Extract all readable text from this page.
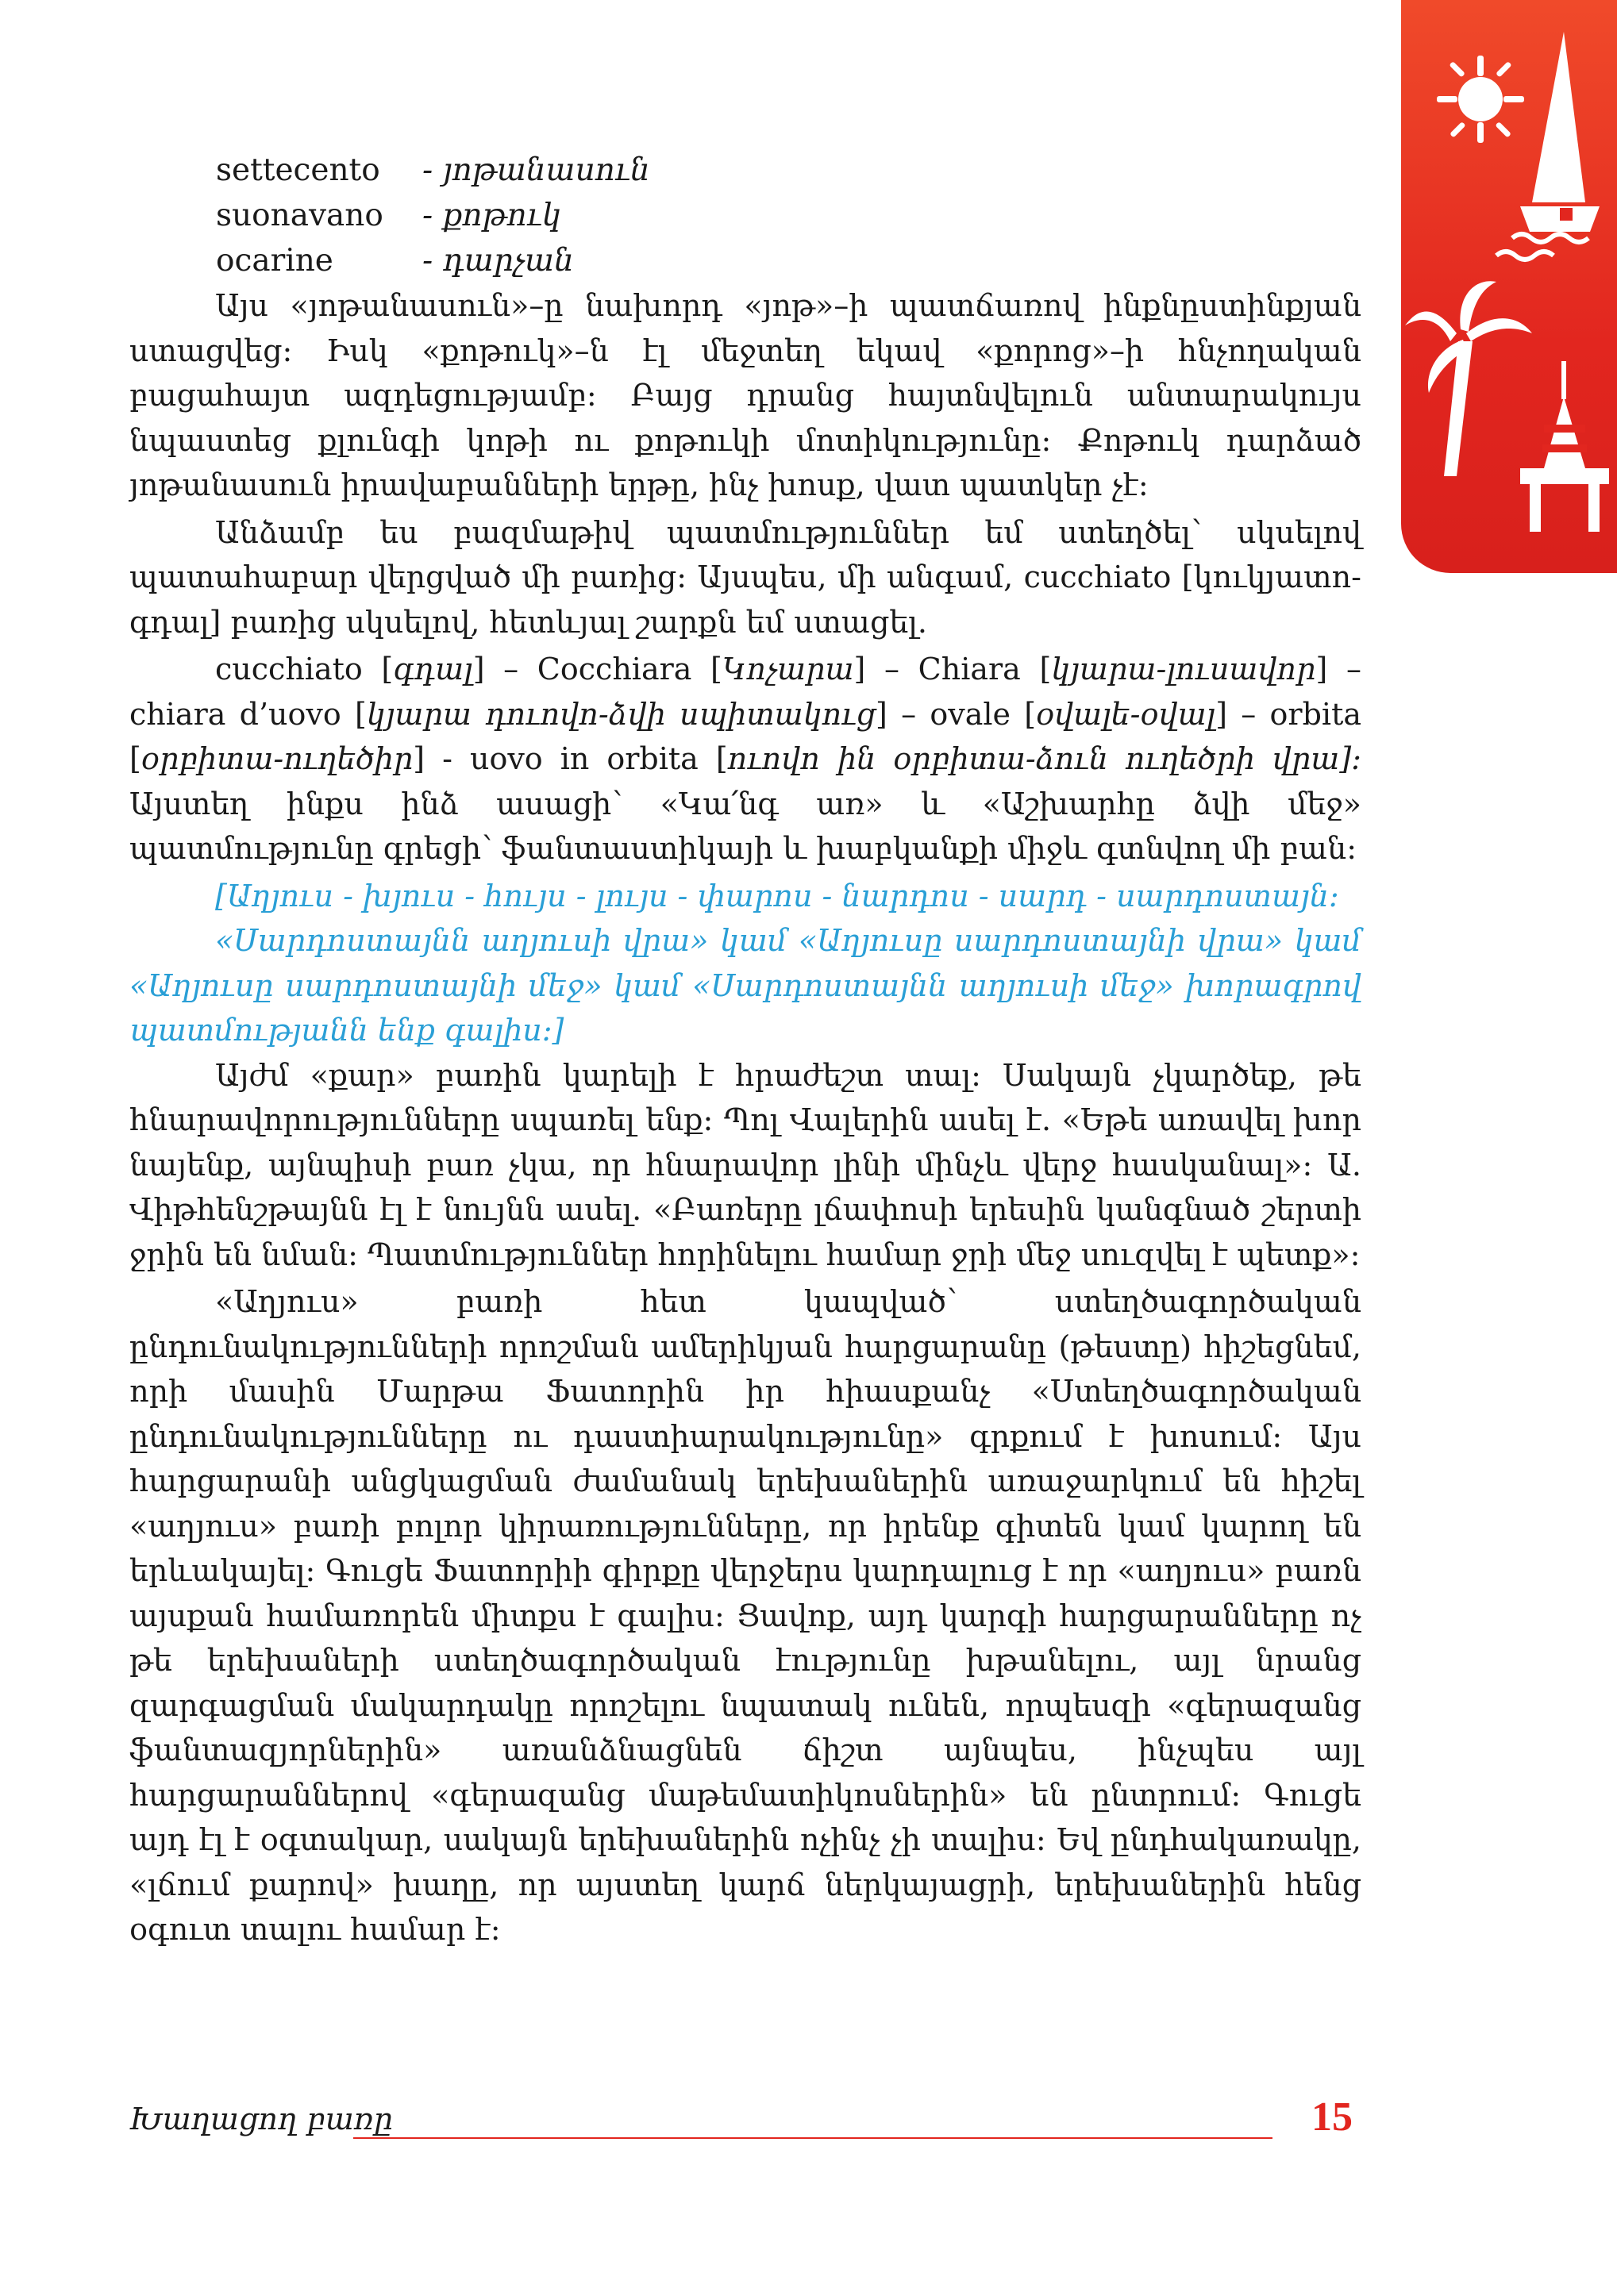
settecento	- յոթանասուն
suonavano	- քոթուկ
ocarine	- դարչան

Այս «յոթանասուն»–ը նախորդ «յոթ»–ի պատճառով ինքնըստինքյան ստացվեց: Իսկ «քոթուկ»–ն էլ մեջտեղ եկավ «քորոց»–ի հնչողական բացահայտ ազդեցությամբ: Բայց դրանց հայտնվելուն անտարակույս նպաստեց քլունգի կոթի ու քոթուկի մոտիկությունը: Քոթուկ դարձած յոթանասուն իրավաբանների երթը, ինչ խոսք, վատ պատկեր չէ:

Անձամբ ես բազմաթիվ պատմություններ եմ ստեղծել՝ սկսելով պատահաբար վերցված մի բառից: Այսպես, մի անգամ, cucchiato [կուկյատո-գդալ] բառից սկսելով, հետևյալ շարքն եմ ստացել.

cucchiato [գդալ] – Cocchiara [Կոչարա] – Chiara [կյարա-լուսավոր] – chiara d’uovo [կյարա դուովո-ձվի սպիտակուց] – ovale [օվալե-օվալ] – orbita [օրբիտա-ուղեծիր] - uovo in orbita [ուովո ին օրբիտա-ձուն ուղեծրի վրա]: Այստեղ ինքս ինձ ասացի՝ «Կա՛նգ առ» և «Աշխարհը ձվի մեջ» պատմությունը գրեցի՝ ֆանտաստիկայի և խաբկանքի միջև գտնվող մի բան:

[Աղյուս - խյուս - հույս - լույս - փարոս - նարդոս - սարդ - սարդոստայն:

«Սարդոստայնն աղյուսի վրա» կամ «Աղյուսը սարդոստայնի վրա» կամ «Աղյուսը սարդոստայնի մեջ» կամ «Սարդոստայնն աղյուսի մեջ» խորագրով պատմությանն ենք գալիս:]

Այժմ «քար» բառին կարելի է հրաժեշտ տալ: Սակայն չկարծեք, թե հնարավորությունները սպառել ենք: Պոլ Վալերին ասել է. «Եթե առավել խոր նայենք, այնպիսի բառ չկա, որ հնարավոր լինի մինչև վերջ հասկանալ»: Ա. Վիթհենշթայնն էլ է նույնն ասել. «Բառերը լճափոսի երեսին կանգնած շերտի ջրին են նման: Պատմություններ հորինելու համար ջրի մեջ սուզվել է պետք»:

«Աղյուս» բառի հետ կապված՝ ստեղծագործական ընդունակությունների որոշման ամերիկյան հարցարանը (թեստը) հիշեցնեմ, որի մասին Մարթա Ֆատորին իր հիասքանչ «Ստեղծագործական ընդունակությունները ու դաստիարակությունը» գրքում է խոսում: Այս հարցարանի անցկացման ժամանակ երեխաներին առաջարկում են հիշել «աղյուս» բառի բոլոր կիրառությունները, որ իրենք գիտեն կամ կարող են երևակայել: Գուցե Ֆատորիի գիրքը վերջերս կարդալուց է որ «աղյուս» բառն այսքան համառորեն միտքս է գալիս: Ցավոք, այդ կարգի հարցարանները ոչ թե երեխաների ստեղծագործական էությունը խթանելու, այլ նրանց զարգացման մակարդակը որոշելու նպատակ ունեն, որպեսզի «գերազանց ֆանտազյորներին» առանձնացնեն ճիշտ այնպես, ինչպես այլ հարցարաններով «գերազանց մաթեմատիկոսներին» են ընտրում: Գուցե այդ էլ է օգտակար, սակայն երեխաներին ոչինչ չի տալիս: Եվ ընդհակառակը, «լճում քարով» խաղը, որ այստեղ կարճ ներկայացրի, երեխաներին հենց օգուտ տալու համար է:

Խաղացող բառը	15
